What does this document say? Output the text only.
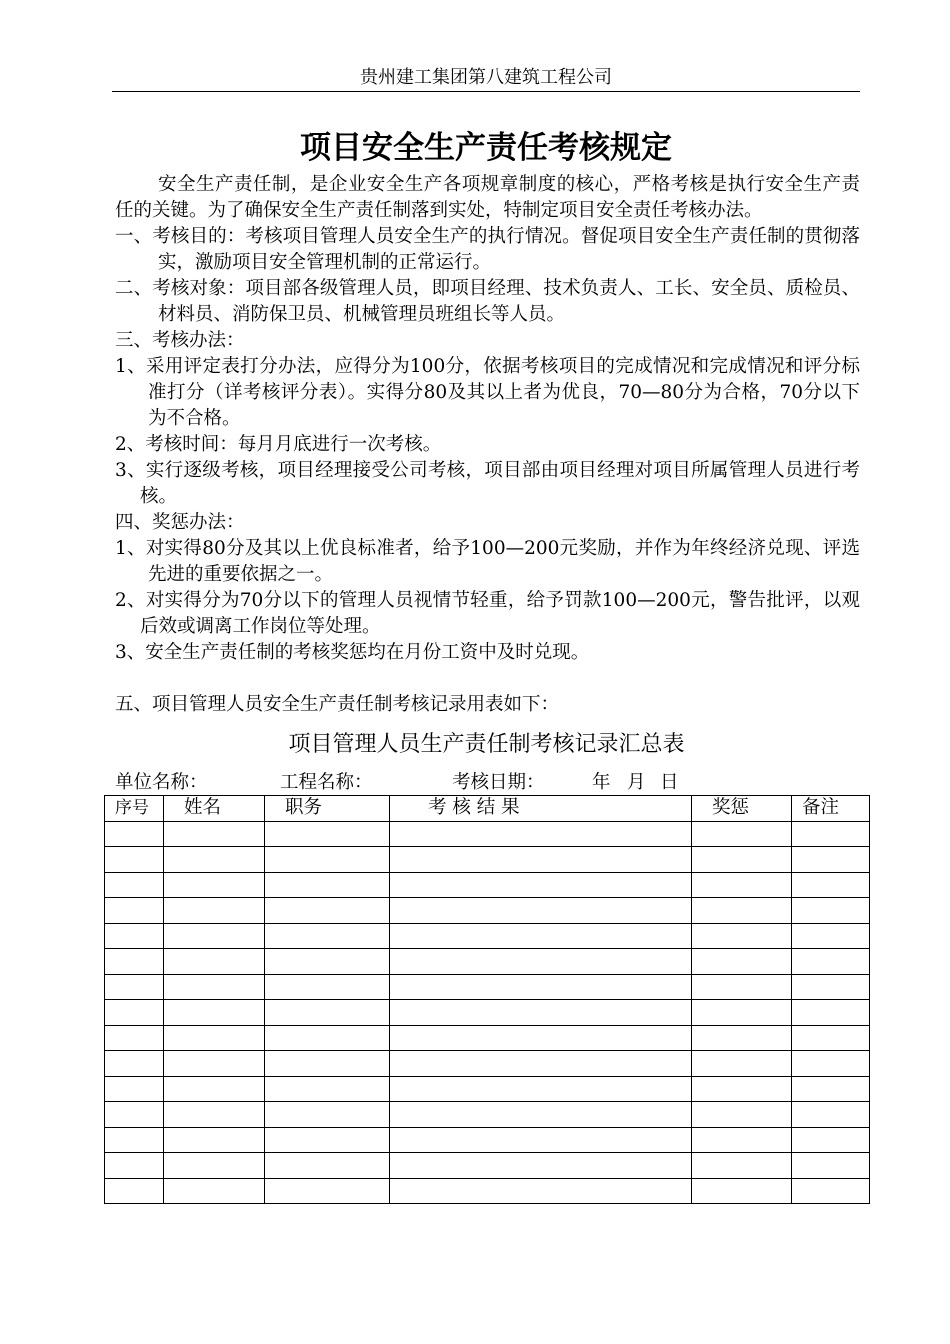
贵州建工集团第八建筑工程公司
项目安全生产责任考核规定

安全生产责任制，是企业安全生产各项规章制度的核心，严格考核是执行安全生产责任的关键。为了确保安全生产责任制落到实处，特制定项目安全责任考核办法。

一、考核目的：考核项目管理人员安全生产的执行情况。督促项目安全生产责任制的贯彻落实，激励项目安全管理机制的正常运行。

二、考核对象：项目部各级管理人员，即项目经理、技术负责人、工长、安全员、质检员、材料员、消防保卫员、机械管理员班组长等人员。

三、考核办法：

1、采用评定表打分办法，应得分为100分，依据考核项目的完成情况和完成情况和评分标准打分（详考核评分表）。实得分80及其以上者为优良，70—80分为合格，70分以下为不合格。

2、考核时间：每月月底进行一次考核。

3、实行逐级考核，项目经理接受公司考核，项目部由项目经理对项目所属管理人员进行考核。

四、奖惩办法：

1、对实得80分及其以上优良标准者，给予100—200元奖励，并作为年终经济兑现、评选先进的重要依据之一。

2、对实得分为70分以下的管理人员视情节轻重，给予罚款100—200元，警告批评，以观后效或调离工作岗位等处理。

3、安全生产责任制的考核奖惩均在月份工资中及时兑现。

五、项目管理人员安全生产责任制考核记录用表如下：

项目管理人员生产责任制考核记录汇总表
单位名称：	工程名称：	考核日期：	年 月 日
序号	姓名	职务	考 核 结 果	奖惩	备注
